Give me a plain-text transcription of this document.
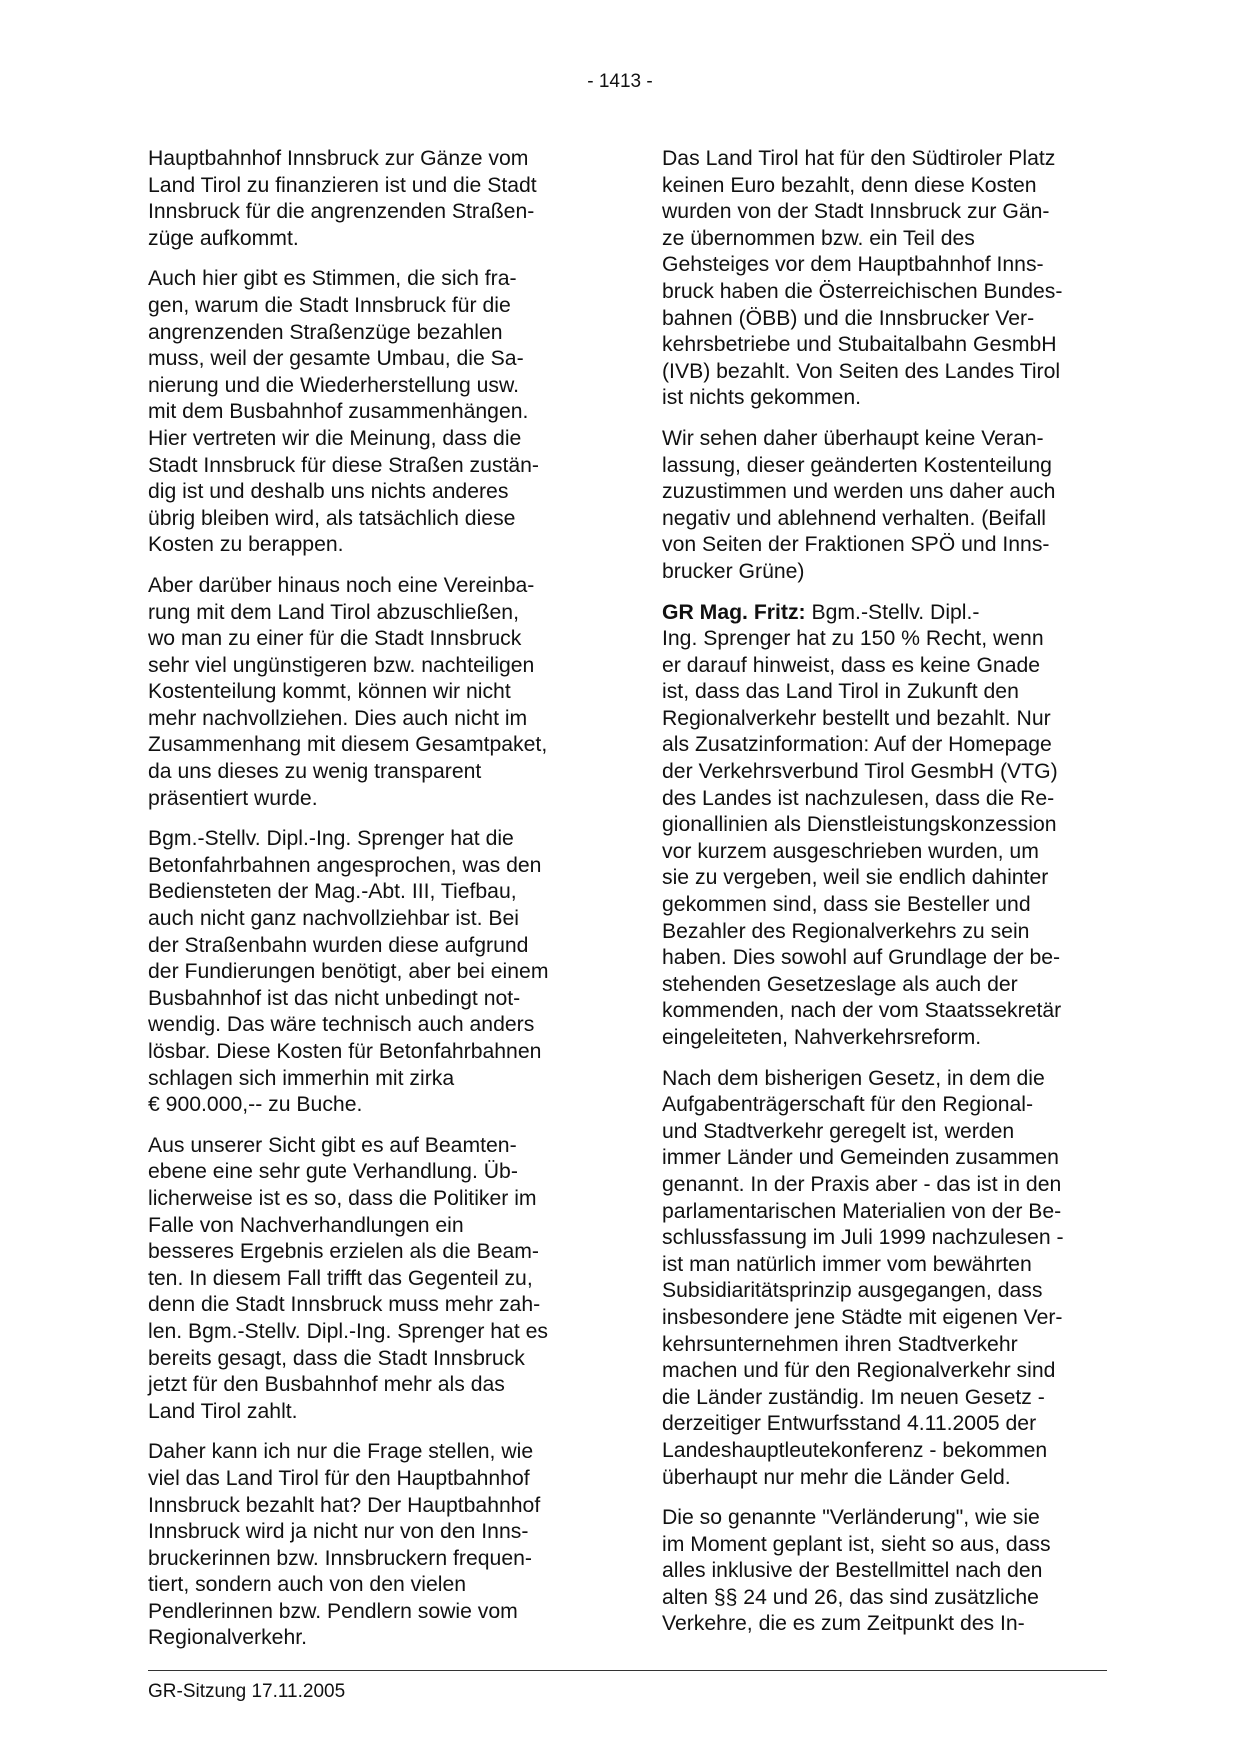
- 1413 -

Hauptbahnhof Innsbruck zur Gänze vom
Land Tirol zu finanzieren ist und die Stadt
Innsbruck für die angrenzenden Straßen-
züge aufkommt.

Auch hier gibt es Stimmen, die sich fra-
gen, warum die Stadt Innsbruck für die
angrenzenden Straßenzüge bezahlen
muss, weil der gesamte Umbau, die Sa-
nierung und die Wiederherstellung usw.
mit dem Busbahnhof zusammenhängen.
Hier vertreten wir die Meinung, dass die
Stadt Innsbruck für diese Straßen zustän-
dig ist und deshalb uns nichts anderes
übrig bleiben wird, als tatsächlich diese
Kosten zu berappen.

Aber darüber hinaus noch eine Vereinba-
rung mit dem Land Tirol abzuschließen,
wo man zu einer für die Stadt Innsbruck
sehr viel ungünstigeren bzw. nachteiligen
Kostenteilung kommt, können wir nicht
mehr nachvollziehen. Dies auch nicht im
Zusammenhang mit diesem Gesamtpaket,
da uns dieses zu wenig transparent
präsentiert wurde.

Bgm.-Stellv. Dipl.-Ing. Sprenger hat die
Betonfahrbahnen angesprochen, was den
Bediensteten der Mag.-Abt. III, Tiefbau,
auch nicht ganz nachvollziehbar ist. Bei
der Straßenbahn wurden diese aufgrund
der Fundierungen benötigt, aber bei einem
Busbahnhof ist das nicht unbedingt not-
wendig. Das wäre technisch auch anders
lösbar. Diese Kosten für Betonfahrbahnen
schlagen sich immerhin mit zirka
€ 900.000,-- zu Buche.

Aus unserer Sicht gibt es auf Beamten-
ebene eine sehr gute Verhandlung. Üb-
licherweise ist es so, dass die Politiker im
Falle von Nachverhandlungen ein
besseres Ergebnis erzielen als die Beam-
ten. In diesem Fall trifft das Gegenteil zu,
denn die Stadt Innsbruck muss mehr zah-
len. Bgm.-Stellv. Dipl.-Ing. Sprenger hat es
bereits gesagt, dass die Stadt Innsbruck
jetzt für den Busbahnhof mehr als das
Land Tirol zahlt.

Daher kann ich nur die Frage stellen, wie
viel das Land Tirol für den Hauptbahnhof
Innsbruck bezahlt hat? Der Hauptbahnhof
Innsbruck wird ja nicht nur von den Inns-
bruckerinnen bzw. Innsbruckern frequen-
tiert, sondern auch von den vielen
Pendlerinnen bzw. Pendlern sowie vom
Regionalverkehr.

Das Land Tirol hat für den Südtiroler Platz
keinen Euro bezahlt, denn diese Kosten
wurden von der Stadt Innsbruck zur Gän-
ze übernommen bzw. ein Teil des
Gehsteiges vor dem Hauptbahnhof Inns-
bruck haben die Österreichischen Bundes-
bahnen (ÖBB) und die Innsbrucker Ver-
kehrsbetriebe und Stubaitalbahn GesmbH
(IVB) bezahlt. Von Seiten des Landes Tirol
ist nichts gekommen.

Wir sehen daher überhaupt keine Veran-
lassung, dieser geänderten Kostenteilung
zuzustimmen und werden uns daher auch
negativ und ablehnend verhalten. (Beifall
von Seiten der Fraktionen SPÖ und Inns-
brucker Grüne)

GR Mag. Fritz: Bgm.-Stellv. Dipl.-
Ing. Sprenger hat zu 150 % Recht, wenn
er darauf hinweist, dass es keine Gnade
ist, dass das Land Tirol in Zukunft den
Regionalverkehr bestellt und bezahlt. Nur
als Zusatzinformation: Auf der Homepage
der Verkehrsverbund Tirol GesmbH (VTG)
des Landes ist nachzulesen, dass die Re-
gionallinien als Dienstleistungskonzession
vor kurzem ausgeschrieben wurden, um
sie zu vergeben, weil sie endlich dahinter
gekommen sind, dass sie Besteller und
Bezahler des Regionalverkehrs zu sein
haben. Dies sowohl auf Grundlage der be-
stehenden Gesetzeslage als auch der
kommenden, nach der vom Staatssekretär
eingeleiteten, Nahverkehrsreform.

Nach dem bisherigen Gesetz, in dem die
Aufgabenträgerschaft für den Regional-
und Stadtverkehr geregelt ist, werden
immer Länder und Gemeinden zusammen
genannt. In der Praxis aber - das ist in den
parlamentarischen Materialien von der Be-
schlussfassung im Juli 1999 nachzulesen -
ist man natürlich immer vom bewährten
Subsidiaritätsprinzip ausgegangen, dass
insbesondere jene Städte mit eigenen Ver-
kehrsunternehmen ihren Stadtverkehr
machen und für den Regionalverkehr sind
die Länder zuständig. Im neuen Gesetz -
derzeitiger Entwurfsstand 4.11.2005 der
Landeshauptleutekonferenz - bekommen
überhaupt nur mehr die Länder Geld.

Die so genannte "Verländerung", wie sie
im Moment geplant ist, sieht so aus, dass
alles inklusive der Bestellmittel nach den
alten §§ 24 und 26, das sind zusätzliche
Verkehre, die es zum Zeitpunkt des In-

GR-Sitzung 17.11.2005
